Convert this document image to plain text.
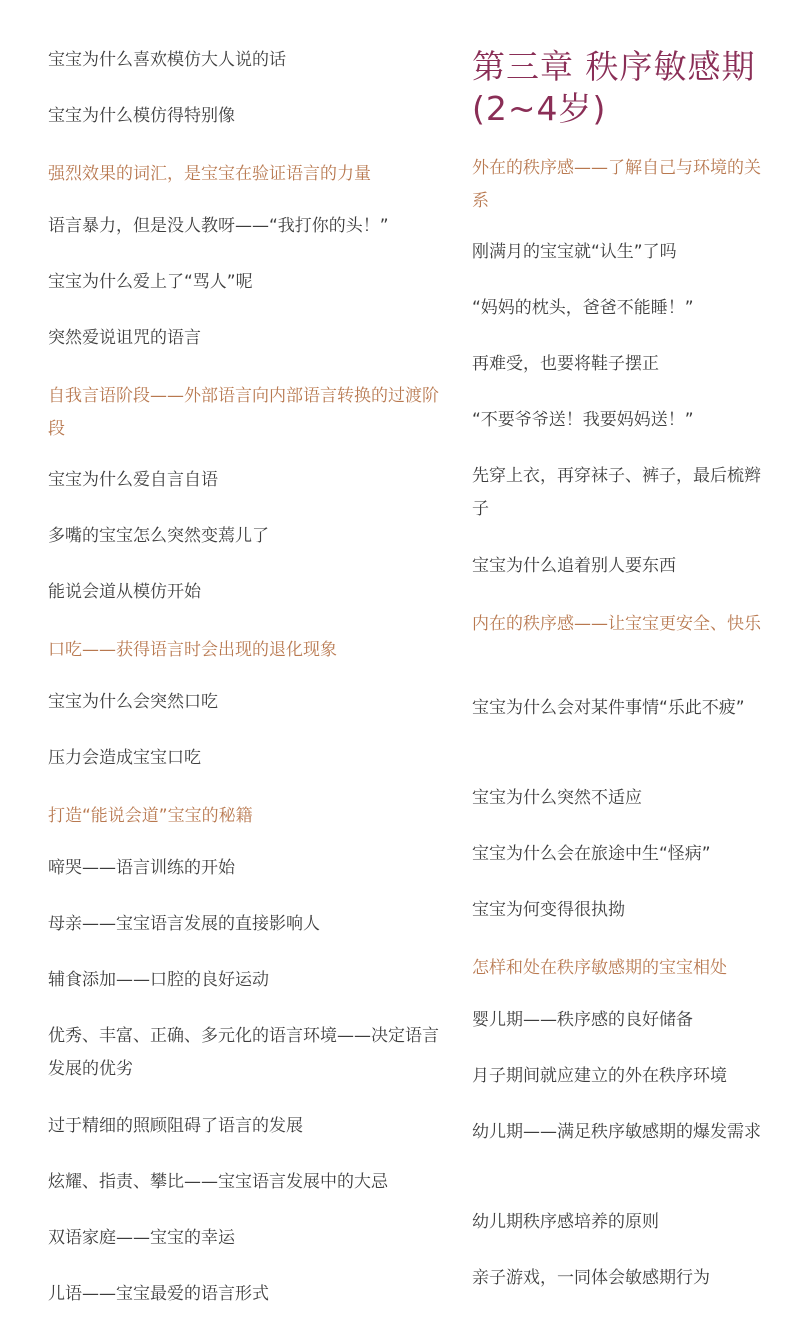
宝宝为什么喜欢模仿大人说的话

宝宝为什么模仿得特别像

强烈效果的词汇，是宝宝在验证语言的力量

语言暴力，但是没人教呀——“我打你的头！”

宝宝为什么爱上了“骂人”呢

突然爱说诅咒的语言

自我言语阶段——外部语言向内部语言转换的过渡阶段

宝宝为什么爱自言自语

多嘴的宝宝怎么突然变蔫儿了

能说会道从模仿开始

口吃——获得语言时会出现的退化现象

宝宝为什么会突然口吃

压力会造成宝宝口吃

打造“能说会道”宝宝的秘籍

啼哭——语言训练的开始

母亲——宝宝语言发展的直接影响人

辅食添加——口腔的良好运动

优秀、丰富、正确、多元化的语言环境——决定语言发展的优劣

过于精细的照顾阻碍了语言的发展

炫耀、指责、攀比——宝宝语言发展中的大忌

双语家庭——宝宝的幸运

儿语——宝宝最爱的语言形式

第三章 秩序敏感期(2~4岁)

外在的秩序感——了解自己与环境的关系

刚满月的宝宝就“认生”了吗

“妈妈的枕头，爸爸不能睡！”

再难受，也要将鞋子摆正

“不要爷爷送！我要妈妈送！”

先穿上衣，再穿袜子、裤子，最后梳辫子

宝宝为什么追着别人要东西

内在的秩序感——让宝宝更安全、快乐

宝宝为什么会对某件事情“乐此不疲”

宝宝为什么突然不适应

宝宝为什么会在旅途中生“怪病”

宝宝为何变得很执拗

怎样和处在秩序敏感期的宝宝相处

婴儿期——秩序感的良好储备

月子期间就应建立的外在秩序环境

幼儿期——满足秩序敏感期的爆发需求

幼儿期秩序感培养的原则

亲子游戏，一同体会敏感期行为
